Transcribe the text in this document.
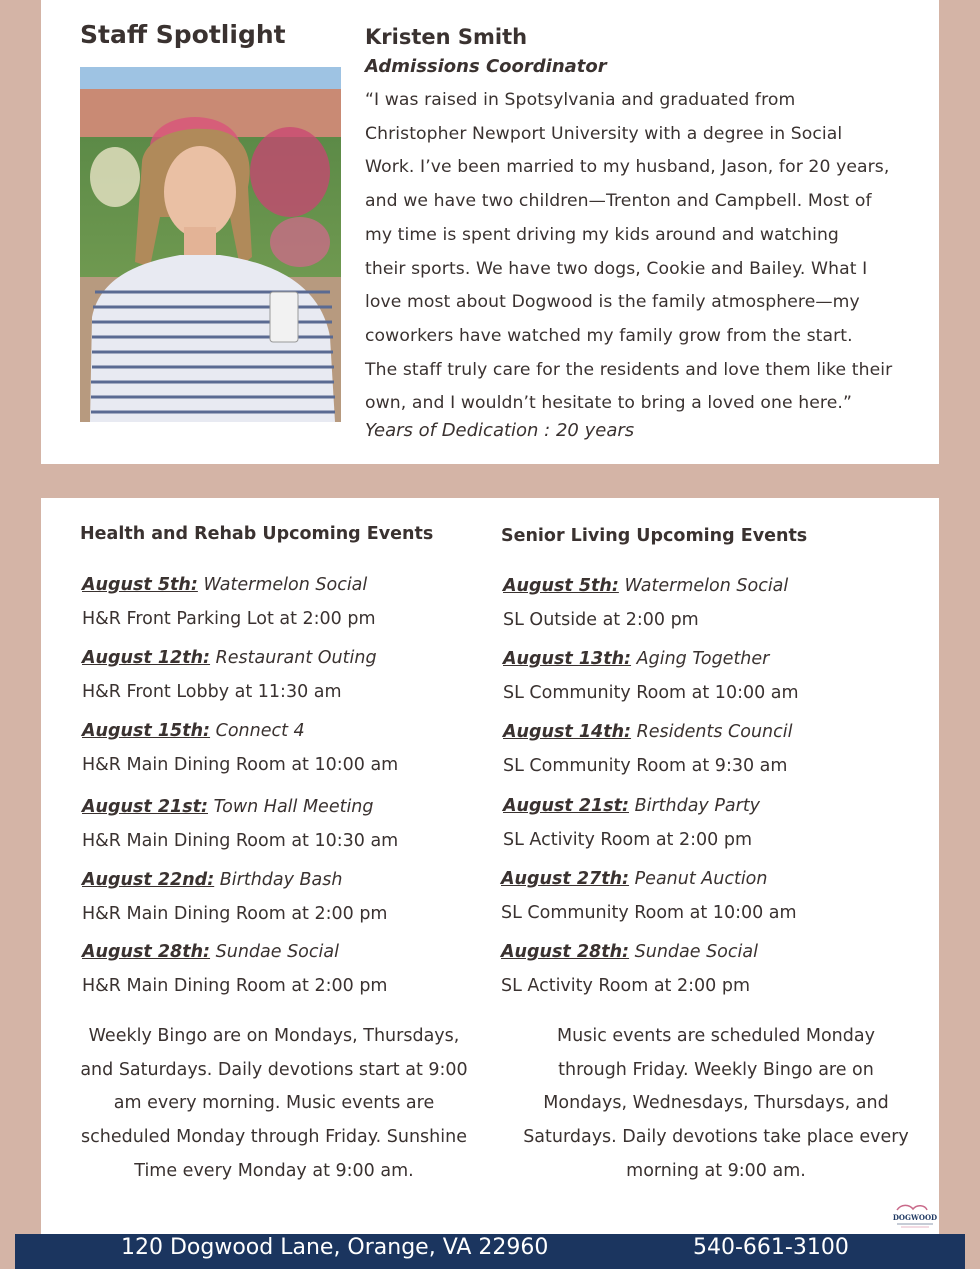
Staff Spotlight	Kristen Smith
Admissions Coordinator
“I was raised in Spotsylvania and graduated from
Christopher Newport University with a degree in Social
Work. I’ve been married to my husband, Jason, for 20 years,
and we have two children—Trenton and Campbell. Most of
my time is spent driving my kids around and watching
their sports. We have two dogs, Cookie and Bailey. What I
love most about Dogwood is the family atmosphere—my
coworkers have watched my family grow from the start.
The staff truly care for the residents and love them like their
own, and I wouldn’t hesitate to bring a loved one here.”
Years of Dedication : 20 years
Health and Rehab Upcoming Events	Senior Living Upcoming Events
August 5th: Watermelon Social
H&R Front Parking Lot at 2:00 pm
August 12th: Restaurant Outing
H&R Front Lobby at 11:30 am
August 15th: Connect 4
H&R Main Dining Room at 10:00 am
August 21st: Town Hall Meeting
H&R Main Dining Room at 10:30 am
August 22nd: Birthday Bash
H&R Main Dining Room at 2:00 pm
August 28th: Sundae Social
H&R Main Dining Room at 2:00 pm
August 5th: Watermelon Social
SL Outside at 2:00 pm
August 13th: Aging Together
SL Community Room at 10:00 am
August 14th: Residents Council
SL Community Room at 9:30 am
August 21st: Birthday Party
SL Activity Room at 2:00 pm
August 27th: Peanut Auction
SL Community Room at 10:00 am
August 28th: Sundae Social
SL Activity Room at 2:00 pm
Weekly Bingo are on Mondays, Thursdays,
and Saturdays. Daily devotions start at 9:00
am every morning. Music events are
scheduled Monday through Friday. Sunshine
Time every Monday at 9:00 am.
Music events are scheduled Monday
through Friday. Weekly Bingo are on
Mondays, Wednesdays, Thursdays, and
Saturdays. Daily devotions take place every
morning at 9:00 am.
DOGWOOD
120 Dogwood Lane, Orange, VA 22960	540-661-3100
